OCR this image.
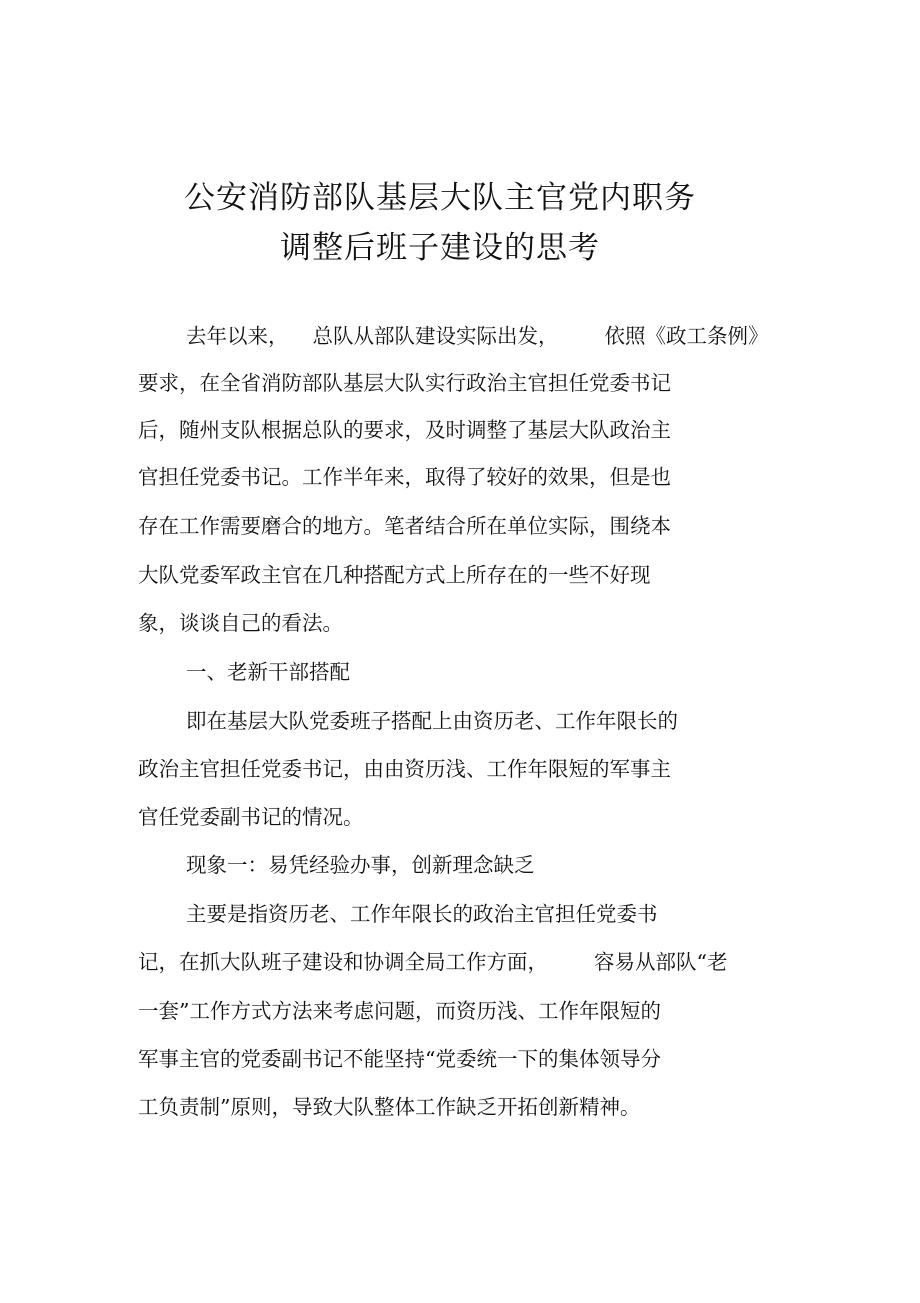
公安消防部队基层大队主官党内职务
调整后班子建设的思考
去年以来， 总队从部队建设实际出发， 依照《政工条例》
要求，在全省消防部队基层大队实行政治主官担任党委书记
后，随州支队根据总队的要求，及时调整了基层大队政治主
官担任党委书记。工作半年来，取得了较好的效果，但是也
存在工作需要磨合的地方。笔者结合所在单位实际，围绕本
大队党委军政主官在几种搭配方式上所存在的一些不好现
象，谈谈自己的看法。
一、老新干部搭配
即在基层大队党委班子搭配上由资历老、工作年限长的
政治主官担任党委书记，由由资历浅、工作年限短的军事主
官任党委副书记的情况。
现象一：易凭经验办事，创新理念缺乏
主要是指资历老、工作年限长的政治主官担任党委书
记，在抓大队班子建设和协调全局工作方面， 容易从部队“老
一套”工作方式方法来考虑问题，而资历浅、工作年限短的
军事主官的党委副书记不能坚持“党委统一下的集体领导分
工负责制”原则，导致大队整体工作缺乏开拓创新精神。
